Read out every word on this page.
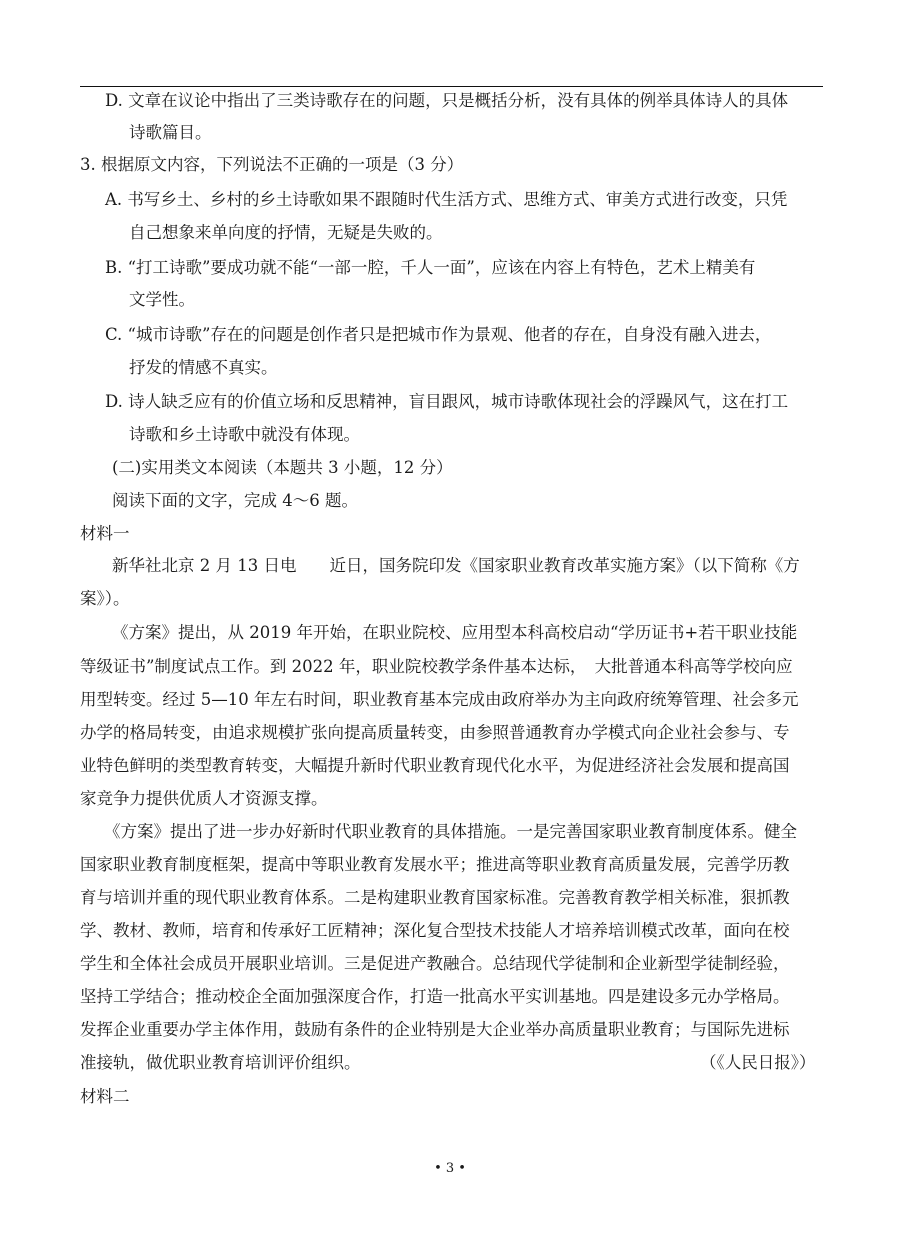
D. 文章在议论中指出了三类诗歌存在的问题，只是概括分析，没有具体的例举具体诗人的具体
诗歌篇目。
3. 根据原文内容，下列说法不正确的一项是（3 分）
A. 书写乡土、乡村的乡土诗歌如果不跟随时代生活方式、思维方式、审美方式进行改变，只凭
自己想象来单向度的抒情，无疑是失败的。
B. “打工诗歌”要成功就不能“一部一腔，千人一面”，应该在内容上有特色，艺术上精美有
文学性。
C. “城市诗歌”存在的问题是创作者只是把城市作为景观、他者的存在，自身没有融入进去，
抒发的情感不真实。
D. 诗人缺乏应有的价值立场和反思精神，盲目跟风，城市诗歌体现社会的浮躁风气，这在打工
诗歌和乡土诗歌中就没有体现。
(二)实用类文本阅读（本题共 3 小题，12 分）
阅读下面的文字，完成 4～6 题。
材料一
新华社北京 2 月 13 日电　　近日，国务院印发《国家职业教育改革实施方案》（以下简称《方
案》）。
《方案》提出，从 2019 年开始，在职业院校、应用型本科高校启动“学历证书+若干职业技能
等级证书”制度试点工作。到 2022 年，职业院校教学条件基本达标，　大批普通本科高等学校向应
用型转变。经过 5—10 年左右时间，职业教育基本完成由政府举办为主向政府统筹管理、社会多元
办学的格局转变，由追求规模扩张向提高质量转变，由参照普通教育办学模式向企业社会参与、专
业特色鲜明的类型教育转变，大幅提升新时代职业教育现代化水平，为促进经济社会发展和提高国
家竞争力提供优质人才资源支撑。
《方案》提出了进一步办好新时代职业教育的具体措施。一是完善国家职业教育制度体系。健全
国家职业教育制度框架，提高中等职业教育发展水平；推进高等职业教育高质量发展，完善学历教
育与培训并重的现代职业教育体系。二是构建职业教育国家标准。完善教育教学相关标准，狠抓教
学、教材、教师，培育和传承好工匠精神；深化复合型技术技能人才培养培训模式改革，面向在校
学生和全体社会成员开展职业培训。三是促进产教融合。总结现代学徒制和企业新型学徒制经验，
坚持工学结合；推动校企全面加强深度合作，打造一批高水平实训基地。四是建设多元办学格局。
发挥企业重要办学主体作用，鼓励有条件的企业特别是大企业举办高质量职业教育；与国际先进标
准接轨，做优职业教育培训评价组织。	（《人民日报》）
材料二
• 3 •
